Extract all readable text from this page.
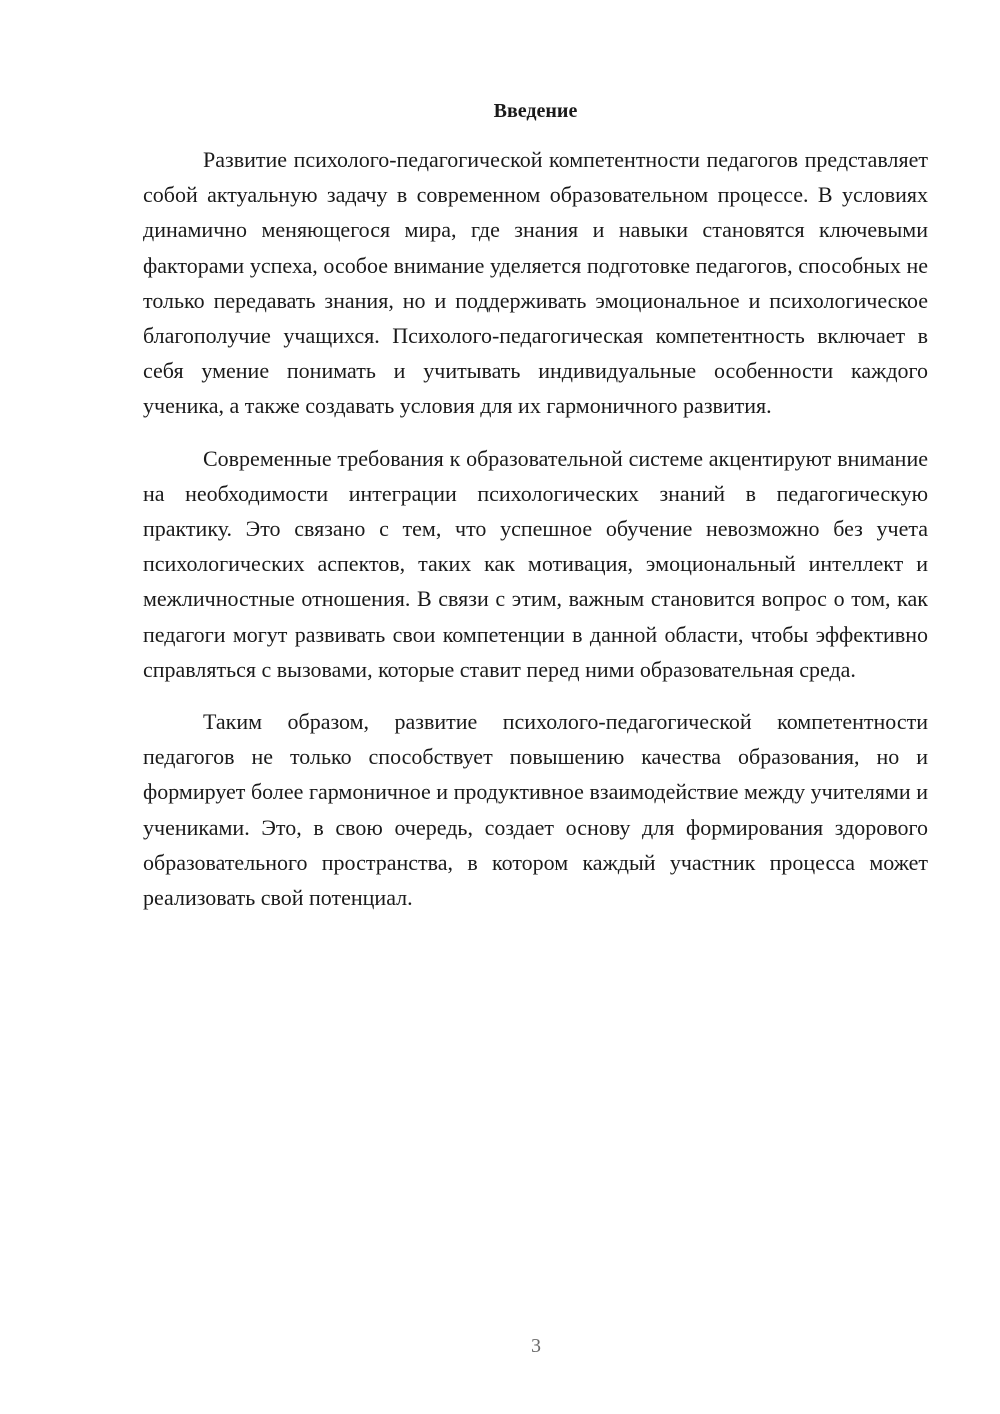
Введение

Развитие психолого-педагогической компетентности педагогов представляет собой актуальную задачу в современном образовательном процессе. В условиях динамично меняющегося мира, где знания и навыки становятся ключевыми факторами успеха, особое внимание уделяется подготовке педагогов, способных не только передавать знания, но и поддерживать эмоциональное и психологическое благополучие учащихся. Психолого-педагогическая компетентность включает в себя умение понимать и учитывать индивидуальные особенности каждого ученика, а также создавать условия для их гармоничного развития.

Современные требования к образовательной системе акцентируют внимание на необходимости интеграции психологических знаний в педагогическую практику. Это связано с тем, что успешное обучение невозможно без учета психологических аспектов, таких как мотивация, эмоциональный интеллект и межличностные отношения. В связи с этим, важным становится вопрос о том, как педагоги могут развивать свои компетенции в данной области, чтобы эффективно справляться с вызовами, которые ставит перед ними образовательная среда.

Таким образом, развитие психолого-педагогической компетентности педагогов не только способствует повышению качества образования, но и формирует более гармоничное и продуктивное взаимодействие между учителями и учениками. Это, в свою очередь, создает основу для формирования здорового образовательного пространства, в котором каждый участник процесса может реализовать свой потенциал.

3
